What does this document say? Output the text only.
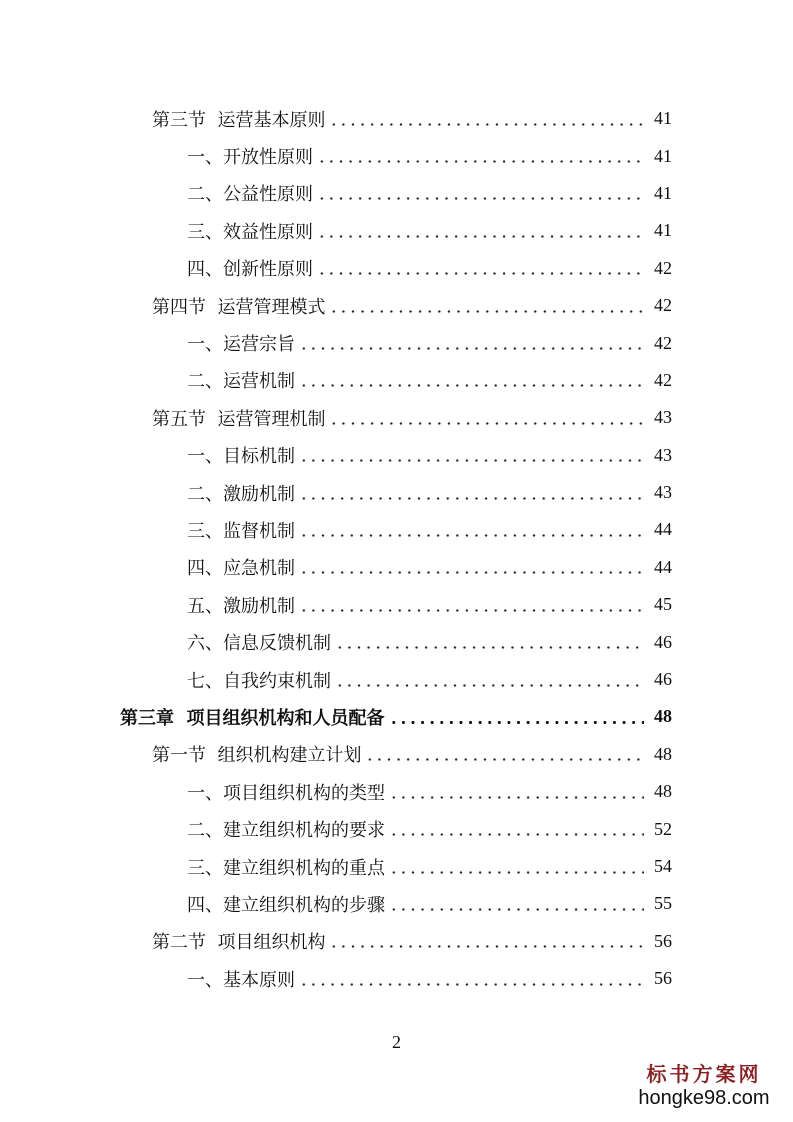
第三节  运营基本原则	41
一、开放性原则	41
二、公益性原则	41
三、效益性原则	41
四、创新性原则	42
第四节  运营管理模式	42
一、运营宗旨	42
二、运营机制	42
第五节  运营管理机制	43
一、目标机制	43
二、激励机制	43
三、监督机制	44
四、应急机制	44
五、激励机制	45
六、信息反馈机制	46
七、自我约束机制	46
第三章  项目组织机构和人员配备	48
第一节  组织机构建立计划	48
一、项目组织机构的类型	48
二、建立组织机构的要求	52
三、建立组织机构的重点	54
四、建立组织机构的步骤	55
第二节  项目组织机构	56
一、基本原则	56
2
标书方案网
hongke98.com
